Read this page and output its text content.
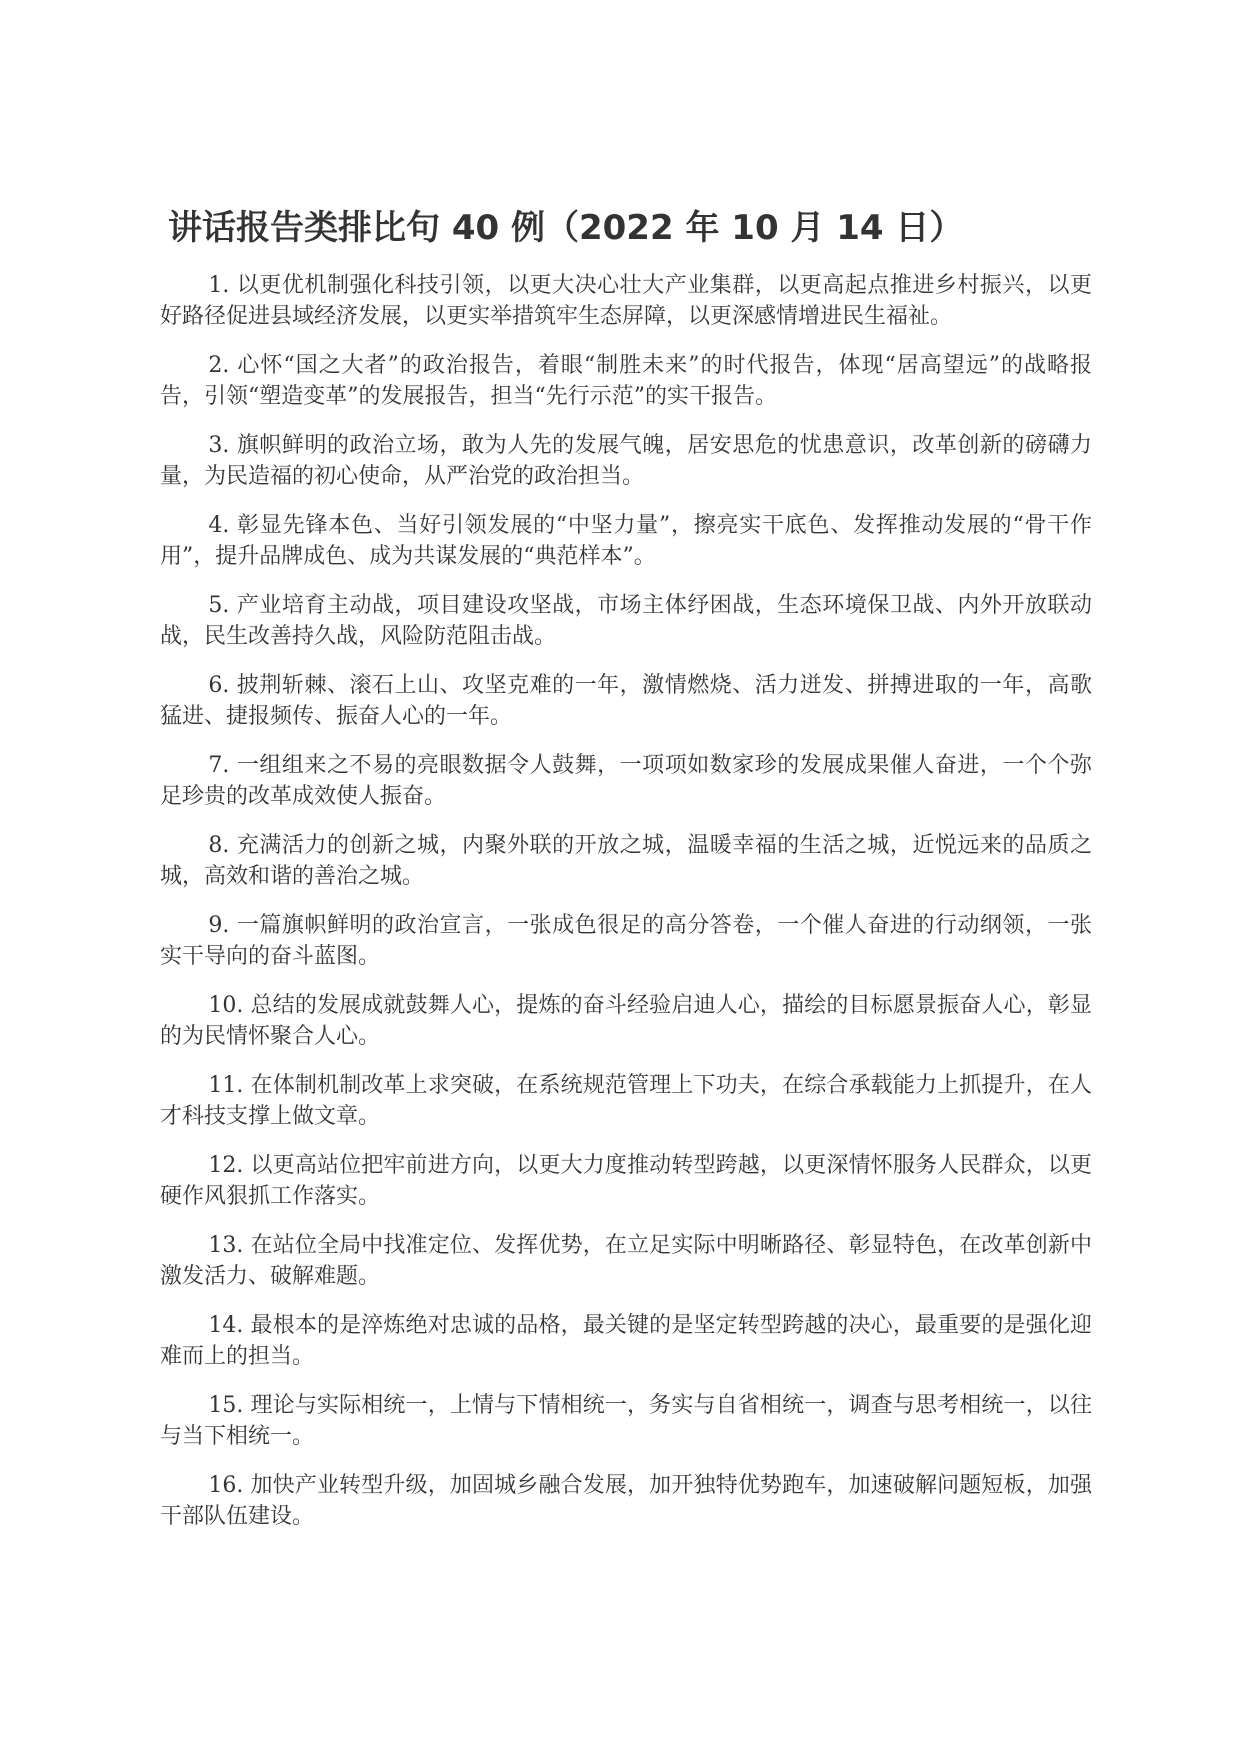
讲话报告类排比句 40 例（2022 年 10 月 14 日）

1. 以更优机制强化科技引领，以更大决心壮大产业集群，以更高起点推进乡村振兴，以更好路径促进县域经济发展，以更实举措筑牢生态屏障，以更深感情增进民生福祉。

2. 心怀“国之大者”的政治报告，着眼“制胜未来”的时代报告，体现“居高望远”的战略报告，引领“塑造变革”的发展报告，担当“先行示范”的实干报告。

3. 旗帜鲜明的政治立场，敢为人先的发展气魄，居安思危的忧患意识，改革创新的磅礴力量，为民造福的初心使命，从严治党的政治担当。

4. 彰显先锋本色、当好引领发展的“中坚力量”，擦亮实干底色、发挥推动发展的“骨干作用”，提升品牌成色、成为共谋发展的“典范样本”。

5. 产业培育主动战，项目建设攻坚战，市场主体纾困战，生态环境保卫战、内外开放联动战，民生改善持久战，风险防范阻击战。

6. 披荆斩棘、滚石上山、攻坚克难的一年，激情燃烧、活力迸发、拼搏进取的一年，高歌猛进、捷报频传、振奋人心的一年。

7. 一组组来之不易的亮眼数据令人鼓舞，一项项如数家珍的发展成果催人奋进，一个个弥足珍贵的改革成效使人振奋。

8. 充满活力的创新之城，内聚外联的开放之城，温暖幸福的生活之城，近悦远来的品质之城，高效和谐的善治之城。

9. 一篇旗帜鲜明的政治宣言，一张成色很足的高分答卷，一个催人奋进的行动纲领，一张实干导向的奋斗蓝图。

10. 总结的发展成就鼓舞人心，提炼的奋斗经验启迪人心，描绘的目标愿景振奋人心，彰显的为民情怀聚合人心。

11. 在体制机制改革上求突破，在系统规范管理上下功夫，在综合承载能力上抓提升，在人才科技支撑上做文章。

12. 以更高站位把牢前进方向，以更大力度推动转型跨越，以更深情怀服务人民群众，以更硬作风狠抓工作落实。

13. 在站位全局中找准定位、发挥优势，在立足实际中明晰路径、彰显特色，在改革创新中激发活力、破解难题。

14. 最根本的是淬炼绝对忠诚的品格，最关键的是坚定转型跨越的决心，最重要的是强化迎难而上的担当。

15. 理论与实际相统一，上情与下情相统一，务实与自省相统一，调查与思考相统一，以往与当下相统一。

16. 加快产业转型升级，加固城乡融合发展，加开独特优势跑车，加速破解问题短板，加强干部队伍建设。
